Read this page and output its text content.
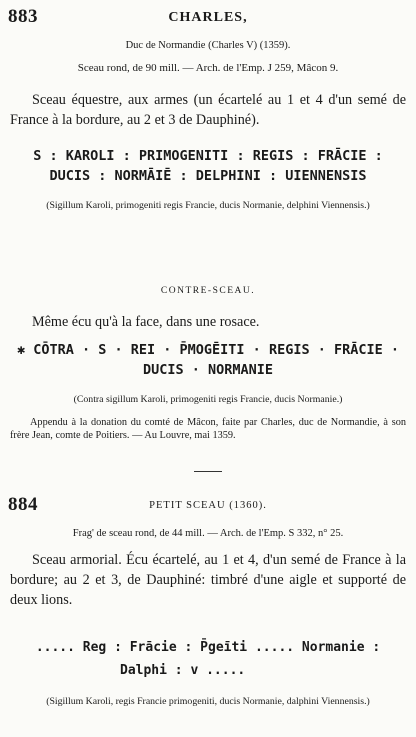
883	CHARLES,
Duc de Normandie (Charles V) (1359).
Sceau rond, de 90 mill. — Arch. de l'Emp. J 259, Mâcon 9.
Sceau équestre, aux armes (un écartelé au 1 et 4 d'un semé de France à la bordure, au 2 et 3 de Dauphiné).
S : KAROLI : PRIMOGENITI : REGIS : FRĀCIE :
DUCIS : NORMĀIĒ : DELPHINI : UIENNENSIS
(Sigillum Karoli, primogeniti regis Francie, ducis Normanie, delphini Viennensis.)
CONTRE-SCEAU.
Même écu qu'à la face, dans une rosace.
✱ CŌTRA · S · REI · P̄MOGĒITI · REGIS · FRĀCIE ·
DUCIS · NORMANIE
(Contra sigillum Karoli, primogeniti regis Francie, ducis Normanie.)
Appendu à la donation du comté de Mâcon, faite par Charles, duc de Normandie, à son frère Jean, comte de Poitiers. — Au Louvre, mai 1359.
884	PETIT SCEAU (1360).
Frag' de sceau rond, de 44 mill. — Arch. de l'Emp. S 332, n° 25.
Sceau armorial. Écu écartelé, au 1 et 4, d'un semé de France à la bordure; au 2 et 3, de Dauphiné: timbré d'une aigle et supporté de deux lions.
..... Reg : Frācie : P̄geīti ..... Normanie :
Dalphi : v .....
(Sigillum Karoli, regis Francie primogeniti, ducis Normanie, dalphini Viennensis.)
